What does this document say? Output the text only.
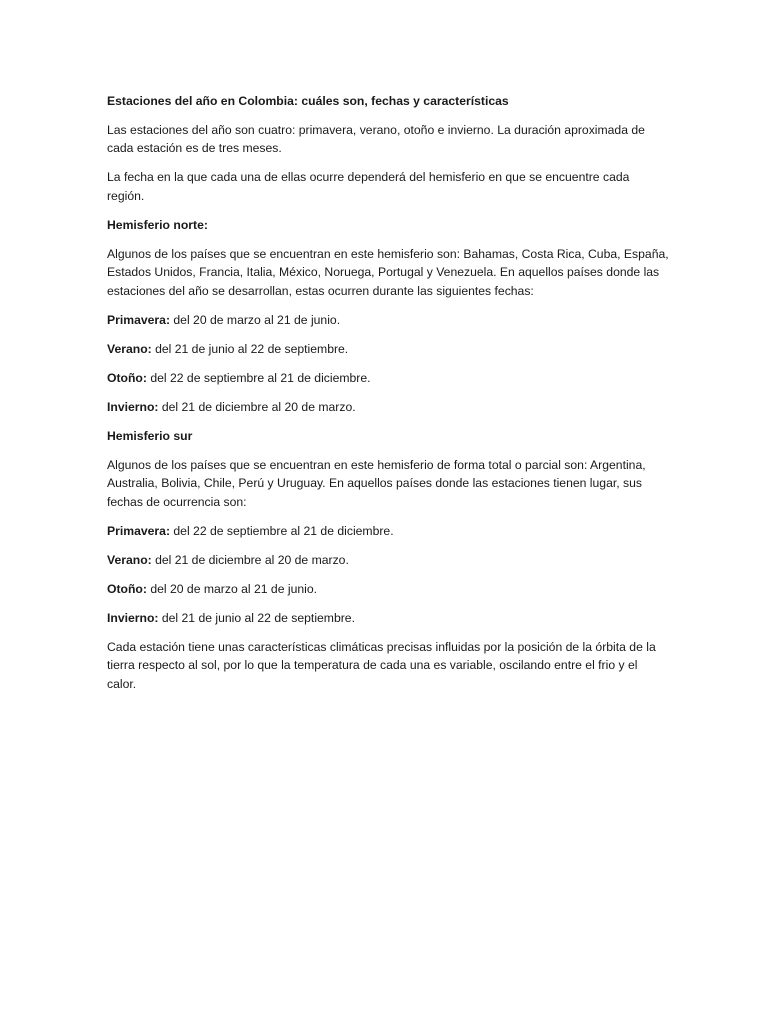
Estaciones del año en Colombia: cuáles son, fechas y características

Las estaciones del año son cuatro: primavera, verano, otoño e invierno. La duración aproximada de cada estación es de tres meses.

La fecha en la que cada una de ellas ocurre dependerá del hemisferio en que se encuentre cada región.

Hemisferio norte:

Algunos de los países que se encuentran en este hemisferio son: Bahamas, Costa Rica, Cuba, España, Estados Unidos, Francia, Italia, México, Noruega, Portugal y Venezuela. En aquellos países donde las estaciones del año se desarrollan, estas ocurren durante las siguientes fechas:

Primavera: del 20 de marzo al 21 de junio.

Verano: del 21 de junio al 22 de septiembre.

Otoño: del 22 de septiembre al 21 de diciembre.

Invierno: del 21 de diciembre al 20 de marzo.

Hemisferio sur

Algunos de los países que se encuentran en este hemisferio de forma total o parcial son: Argentina, Australia, Bolivia, Chile, Perú y Uruguay. En aquellos países donde las estaciones tienen lugar, sus fechas de ocurrencia son:

Primavera: del 22 de septiembre al 21 de diciembre.

Verano: del 21 de diciembre al 20 de marzo.

Otoño: del 20 de marzo al 21 de junio.

Invierno: del 21 de junio al 22 de septiembre.

Cada estación tiene unas características climáticas precisas influidas por la posición de la órbita de la tierra respecto al sol, por lo que la temperatura de cada una es variable, oscilando entre el frio y el calor.
